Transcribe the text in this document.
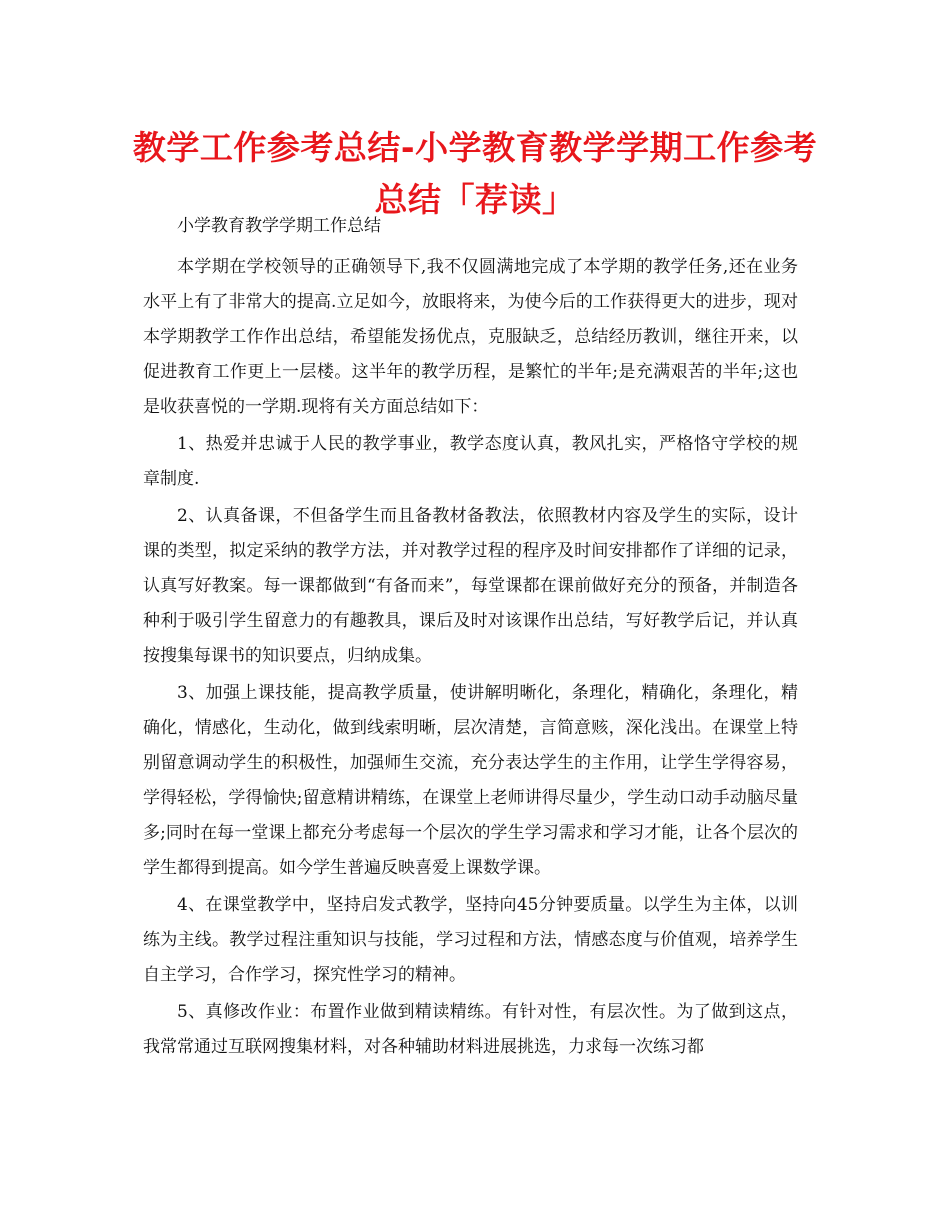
教学工作参考总结-小学教育教学学期工作参考总结「荐读」

小学教育教学学期工作总结

本学期在学校领导的正确领导下,我不仅圆满地完成了本学期的教学任务,还在业务水平上有了非常大的提高.立足如今，放眼将来，为使今后的工作获得更大的进步，现对本学期教学工作作出总结，希望能发扬优点，克服缺乏，总结经历教训，继往开来，以促进教育工作更上一层楼。这半年的教学历程，是繁忙的半年;是充满艰苦的半年;这也是收获喜悦的一学期.现将有关方面总结如下：

1、热爱并忠诚于人民的教学事业，教学态度认真，教风扎实，严格恪守学校的规章制度.

2、认真备课，不但备学生而且备教材备教法，依照教材内容及学生的实际，设计课的类型，拟定采纳的教学方法，并对教学过程的程序及时间安排都作了详细的记录，认真写好教案。每一课都做到“有备而来”，每堂课都在课前做好充分的预备，并制造各种利于吸引学生留意力的有趣教具，课后及时对该课作出总结，写好教学后记，并认真按搜集每课书的知识要点，归纳成集。

3、加强上课技能，提高教学质量，使讲解明晰化，条理化，精确化，条理化，精确化，情感化，生动化，做到线索明晰，层次清楚，言简意赅，深化浅出。在课堂上特别留意调动学生的积极性，加强师生交流，充分表达学生的主作用，让学生学得容易，学得轻松，学得愉快;留意精讲精练，在课堂上老师讲得尽量少，学生动口动手动脑尽量多;同时在每一堂课上都充分考虑每一个层次的学生学习需求和学习才能，让各个层次的学生都得到提高。如今学生普遍反映喜爱上课数学课。

4、在课堂教学中，坚持启发式教学，坚持向45分钟要质量。以学生为主体，以训练为主线。教学过程注重知识与技能，学习过程和方法，情感态度与价值观，培养学生自主学习，合作学习，探究性学习的精神。

5、真修改作业：布置作业做到精读精练。有针对性，有层次性。为了做到这点，我常常通过互联网搜集材料，对各种辅助材料进展挑选，力求每一次练习都
